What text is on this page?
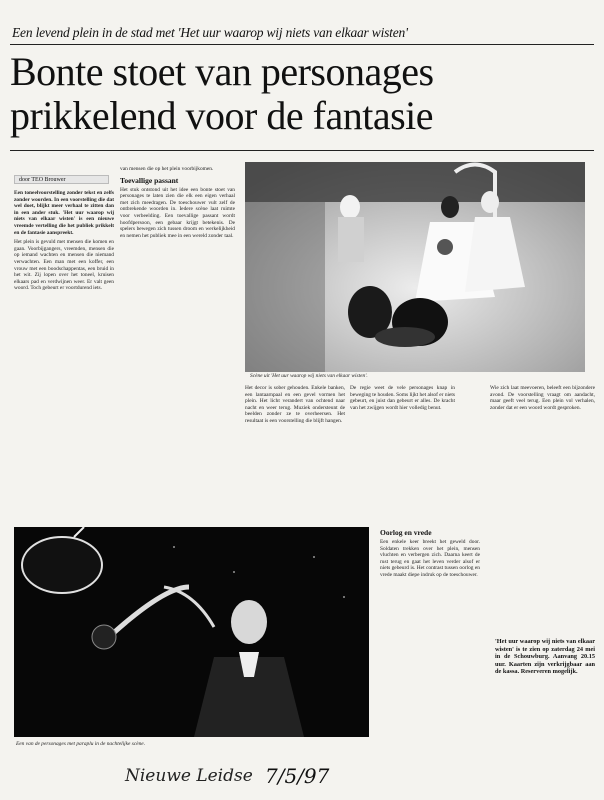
Een levend plein in de stad met 'Het uur waarop wij niets van elkaar wisten'
Bonte stoet van personages
prikkelend voor de fantasie
door TEO Brouwer

Een toneelvoorstelling zonder tekst en zelfs zonder woorden. In een voorstelling die dat wel doet, blijkt meer verhaal te zitten dan in een ander stuk. 'Het uur waarop wij niets van elkaar wisten' is een nieuwe vreemde vertelling die het publiek prikkelt en de fantasie aanspreekt.

Het plein is gevuld met mensen die komen en gaan. Voorbijgangers, vreemden, mensen die op iemand wachten en mensen die niemand verwachten. Een man met een koffer, een vrouw met een boodschappentas, een bruid in het wit. Zij lopen over het toneel, kruisen elkaars pad en verdwijnen weer. Er valt geen woord. Toch gebeurt er voortdurend iets.

van mensen die op het plein voorbijkomen.

Toevallige passant

Het stuk ontstond uit het idee een bonte stoet van personages te laten zien die elk een eigen verhaal met zich meedragen. De toeschouwer vult zelf de ontbrekende woorden in. Iedere scène laat ruimte voor verbeelding. Een toevallige passant wordt hoofdpersoon, een gebaar krijgt betekenis. De spelers bewegen zich tussen droom en werkelijkheid en nemen het publiek mee in een wereld zonder taal.

Scène uit 'Het uur waarop wij niets van elkaar wisten'.

Het decor is sober gehouden. Enkele banken, een lantaarnpaal en een gevel vormen het plein. Het licht verandert van ochtend naar nacht en weer terug. Muziek ondersteunt de beelden zonder ze te overheersen. Het resultaat is een voorstelling die blijft hangen.

De regie weet de vele personages knap in beweging te houden. Soms lijkt het alsof er niets gebeurt, en juist dan gebeurt er alles. De kracht van het zwijgen wordt hier volledig benut.

Oorlog en vrede

Een enkele keer breekt het geweld door. Soldaten trekken over het plein, mensen vluchten en verbergen zich. Daarna keert de rust terug en gaat het leven verder alsof er niets gebeurd is. Het contrast tussen oorlog en vrede maakt diepe indruk op de toeschouwer.

Wie zich laat meevoeren, beleeft een bijzondere avond. De voorstelling vraagt om aandacht, maar geeft veel terug. Een plein vol verhalen, zonder dat er een woord wordt gesproken.

'Het uur waarop wij niets van elkaar wisten' is te zien op zaterdag 24 mei in de Schouwburg. Aanvang 20.15 uur. Kaarten zijn verkrijgbaar aan de kassa. Reserveren mogelijk.
Een van de personages met paraplu in de nachtelijke scène.
Nieuwe Leidse 7/5/97
